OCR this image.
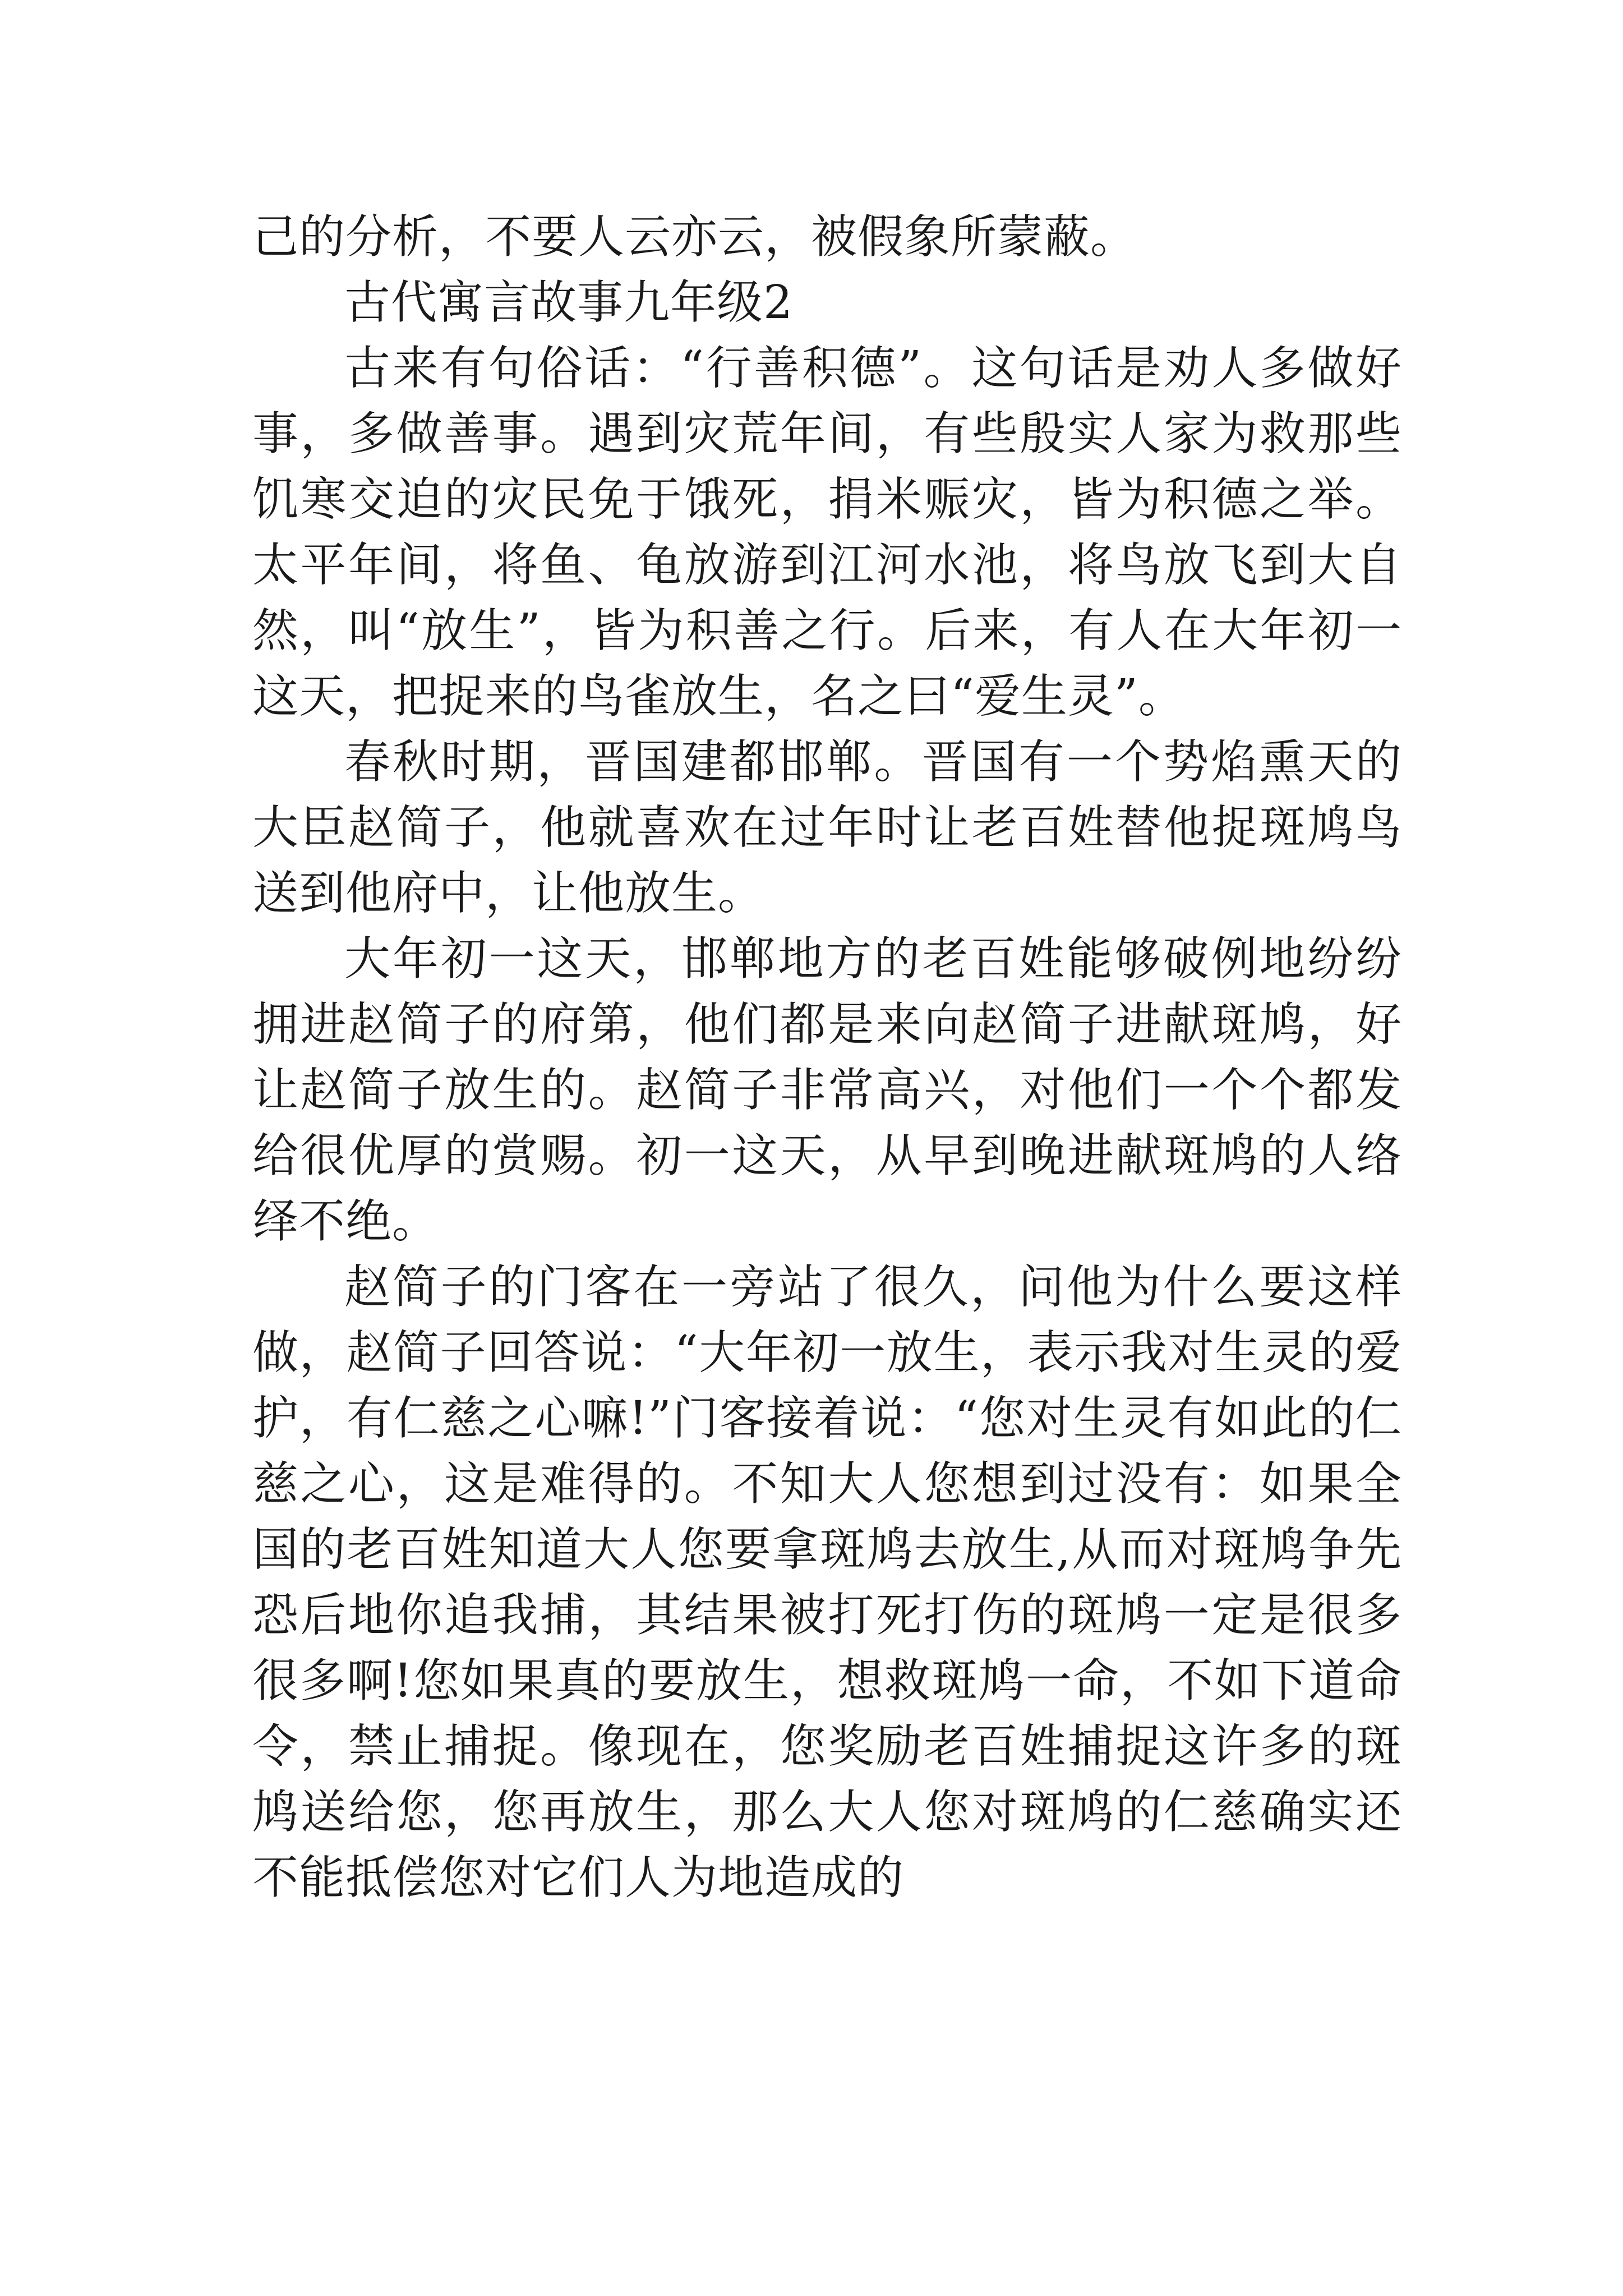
己的分析，不要人云亦云，被假象所蒙蔽。

古代寓言故事九年级2

古来有句俗话：“行善积德”。这句话是劝人多做好事，多做善事。遇到灾荒年间，有些殷实人家为救那些饥寒交迫的灾民免于饿死，捐米赈灾，皆为积德之举。太平年间，将鱼、龟放游到江河水池，将鸟放飞到大自然，叫“放生”，皆为积善之行。后来，有人在大年初一这天，把捉来的鸟雀放生，名之曰“爱生灵”。

春秋时期，晋国建都邯郸。晋国有一个势焰熏天的大臣赵简子，他就喜欢在过年时让老百姓替他捉斑鸠鸟送到他府中，让他放生。

大年初一这天，邯郸地方的老百姓能够破例地纷纷拥进赵简子的府第，他们都是来向赵简子进献斑鸠，好让赵简子放生的。赵简子非常高兴，对他们一个个都发给很优厚的赏赐。初一这天，从早到晚进献斑鸠的人络绎不绝。

赵简子的门客在一旁站了很久，问他为什么要这样做，赵简子回答说：“大年初一放生，表示我对生灵的爱护，有仁慈之心嘛!”门客接着说：“您对生灵有如此的仁慈之心，这是难得的。不知大人您想到过没有：如果全国的老百姓知道大人您要拿斑鸠去放生,从而对斑鸠争先恐后地你追我捕，其结果被打死打伤的斑鸠一定是很多很多啊!您如果真的要放生，想救斑鸠一命，不如下道命令，禁止捕捉。像现在，您奖励老百姓捕捉这许多的斑鸠送给您，您再放生，那么大人您对斑鸠的仁慈确实还不能抵偿您对它们人为地造成的
